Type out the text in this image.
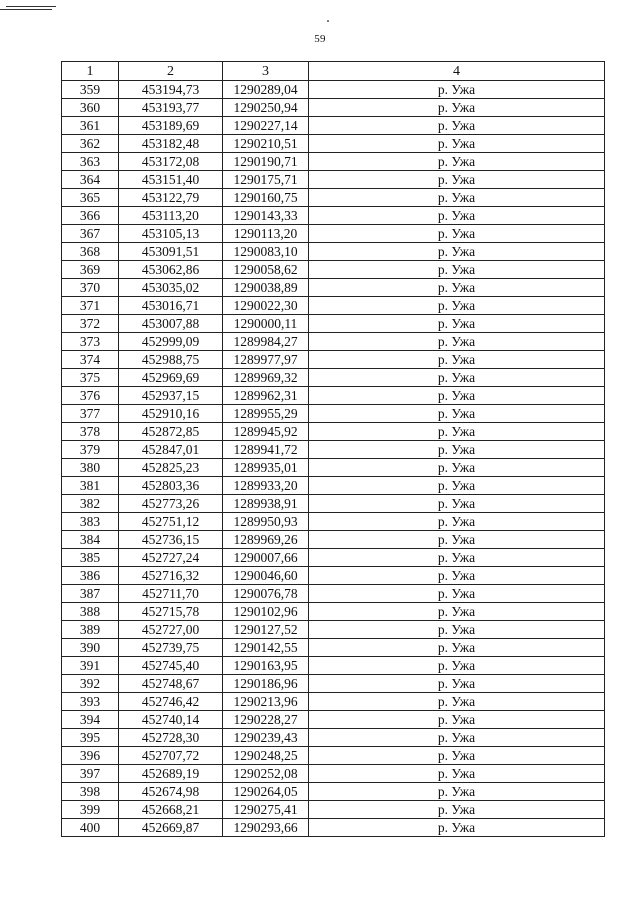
59
1	2	3	4
359	453194,73	1290289,04	р. Ужа
360	453193,77	1290250,94	р. Ужа
361	453189,69	1290227,14	р. Ужа
362	453182,48	1290210,51	р. Ужа
363	453172,08	1290190,71	р. Ужа
364	453151,40	1290175,71	р. Ужа
365	453122,79	1290160,75	р. Ужа
366	453113,20	1290143,33	р. Ужа
367	453105,13	1290113,20	р. Ужа
368	453091,51	1290083,10	р. Ужа
369	453062,86	1290058,62	р. Ужа
370	453035,02	1290038,89	р. Ужа
371	453016,71	1290022,30	р. Ужа
372	453007,88	1290000,11	р. Ужа
373	452999,09	1289984,27	р. Ужа
374	452988,75	1289977,97	р. Ужа
375	452969,69	1289969,32	р. Ужа
376	452937,15	1289962,31	р. Ужа
377	452910,16	1289955,29	р. Ужа
378	452872,85	1289945,92	р. Ужа
379	452847,01	1289941,72	р. Ужа
380	452825,23	1289935,01	р. Ужа
381	452803,36	1289933,20	р. Ужа
382	452773,26	1289938,91	р. Ужа
383	452751,12	1289950,93	р. Ужа
384	452736,15	1289969,26	р. Ужа
385	452727,24	1290007,66	р. Ужа
386	452716,32	1290046,60	р. Ужа
387	452711,70	1290076,78	р. Ужа
388	452715,78	1290102,96	р. Ужа
389	452727,00	1290127,52	р. Ужа
390	452739,75	1290142,55	р. Ужа
391	452745,40	1290163,95	р. Ужа
392	452748,67	1290186,96	р. Ужа
393	452746,42	1290213,96	р. Ужа
394	452740,14	1290228,27	р. Ужа
395	452728,30	1290239,43	р. Ужа
396	452707,72	1290248,25	р. Ужа
397	452689,19	1290252,08	р. Ужа
398	452674,98	1290264,05	р. Ужа
399	452668,21	1290275,41	р. Ужа
400	452669,87	1290293,66	р. Ужа
